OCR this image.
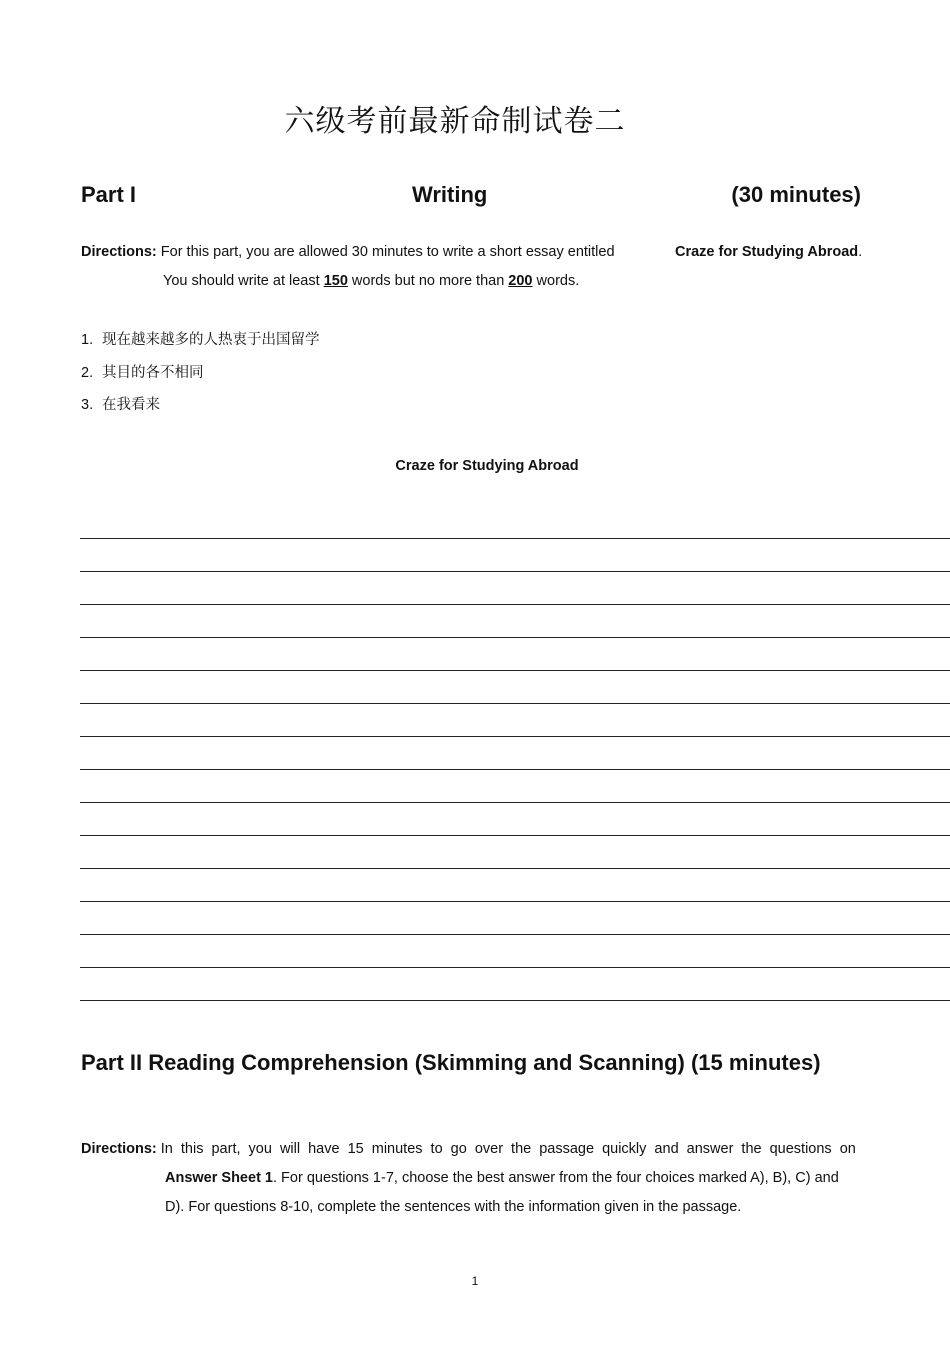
六级考前最新命制试卷二
Part I	Writing	(30 minutes)
Directions: For this part, you are allowed 30 minutes to write a short essay entitled	Craze for Studying Abroad.
You should write at least 150 words but no more than 200 words.
1. 现在越来越多的人热衷于出国留学
2. 其目的各不相同
3. 在我看来
Craze for Studying Abroad
Part II Reading Comprehension (Skimming and Scanning) (15 minutes)
Directions: In this part, you will have 15 minutes to go over the passage quickly and answer the questions on
Answer Sheet 1. For questions 1-7, choose the best answer from the four choices marked A), B), C) and
D). For questions 8-10, complete the sentences with the information given in the passage.
1
